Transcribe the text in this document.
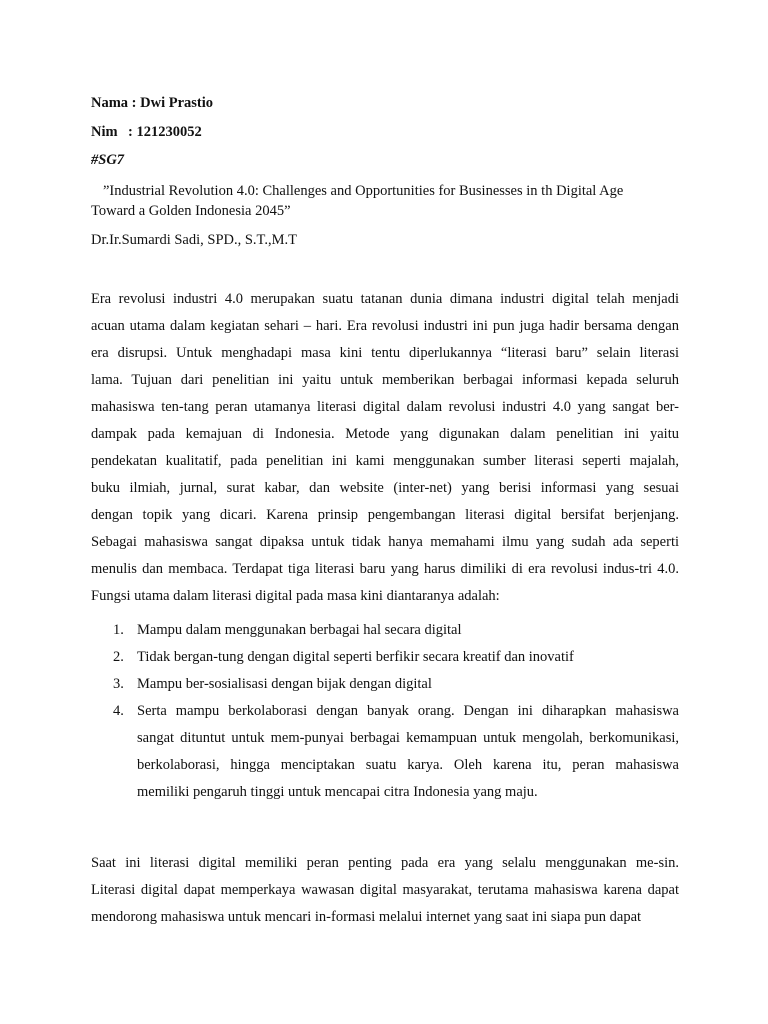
Nama : Dwi Prastio
Nim : 121230052
#SG7
”Industrial Revolution 4.0: Challenges and Opportunities for Businesses in th Digital Age
Toward a Golden Indonesia 2045”
Dr.Ir.Sumardi Sadi, SPD., S.T.,M.T
Era revolusi industri 4.0 merupakan suatu tatanan dunia dimana industri digital telah menjadi
acuan utama dalam kegiatan sehari – hari. Era revolusi industri ini pun juga hadir bersama dengan
era disrupsi. Untuk menghadapi masa kini tentu diperlukannya “literasi baru” selain literasi
lama. Tujuan dari penelitian ini yaitu untuk memberikan berbagai informasi kepada seluruh
mahasiswa ten-tang peran utamanya literasi digital dalam revolusi industri 4.0 yang sangat ber-
dampak pada kemajuan di Indonesia. Metode yang digunakan dalam penelitian ini yaitu
pendekatan kualitatif, pada penelitian ini kami menggunakan sumber literasi seperti majalah,
buku ilmiah, jurnal, surat kabar, dan website (inter-net) yang berisi informasi yang sesuai
dengan topik yang dicari. Karena prinsip pengembangan literasi digital bersifat berjenjang.
Sebagai mahasiswa sangat dipaksa untuk tidak hanya memahami ilmu yang sudah ada seperti
menulis dan membaca. Terdapat tiga literasi baru yang harus dimiliki di era revolusi indus-tri 4.0.
Fungsi utama dalam literasi digital pada masa kini diantaranya adalah:
1. Mampu dalam menggunakan berbagai hal secara digital
2. Tidak bergan-tung dengan digital seperti berfikir secara kreatif dan inovatif
3. Mampu ber-sosialisasi dengan bijak dengan digital
4. Serta mampu berkolaborasi dengan banyak orang. Dengan ini diharapkan mahasiswa
sangat dituntut untuk mem-punyai berbagai kemampuan untuk mengolah, berkomunikasi,
berkolaborasi, hingga menciptakan suatu karya. Oleh karena itu, peran mahasiswa
memiliki pengaruh tinggi untuk mencapai citra Indonesia yang maju.
Saat ini literasi digital memiliki peran penting pada era yang selalu menggunakan me-sin.
Literasi digital dapat memperkaya wawasan digital masyarakat, terutama mahasiswa karena dapat
mendorong mahasiswa untuk mencari in-formasi melalui internet yang saat ini siapa pun dapat
